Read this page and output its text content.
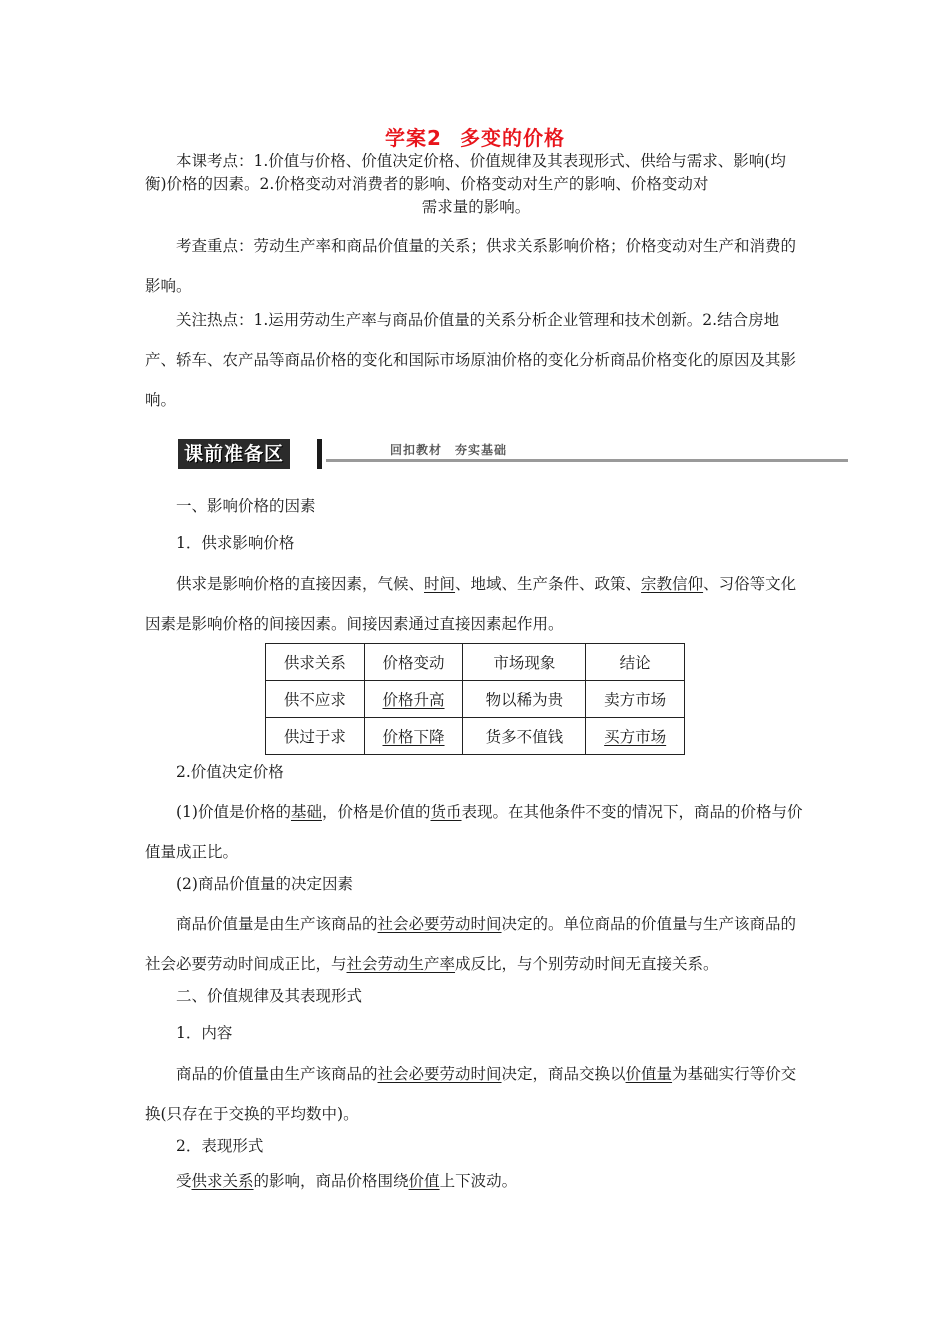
学案2 多变的价格
本课考点：1.价值与价格、价值决定价格、价值规律及其表现形式、供给与需求、影响(均衡)价格的因素。2.价格变动对消费者的影响、价格变动对生产的影响、价格变动对
需求量的影响。
考查重点：劳动生产率和商品价值量的关系；供求关系影响价格；价格变动对生产和消费的影响。
关注热点：1.运用劳动生产率与商品价值量的关系分析企业管理和技术创新。2.结合房地产、轿车、农产品等商品价格的变化和国际市场原油价格的变化分析商品价格变化的原因及其影响。
课前准备区	回扣教材　夯实基础
一、影响价格的因素
1．供求影响价格
供求是影响价格的直接因素，气候、时间、地域、生产条件、政策、宗教信仰、习俗等文化因素是影响价格的间接因素。间接因素通过直接因素起作用。
供求关系	价格变动	市场现象	结论
供不应求	价格升高	物以稀为贵	卖方市场
供过于求	价格下降	货多不值钱	买方市场
2.价值决定价格
(1)价值是价格的基础，价格是价值的货币表现。在其他条件不变的情况下，商品的价格与价值量成正比。
(2)商品价值量的决定因素
商品价值量是由生产该商品的社会必要劳动时间决定的。单位商品的价值量与生产该商品的社会必要劳动时间成正比，与社会劳动生产率成反比，与个别劳动时间无直接关系。
二、价值规律及其表现形式
1．内容
商品的价值量由生产该商品的社会必要劳动时间决定，商品交换以价值量为基础实行等价交换(只存在于交换的平均数中)。
2．表现形式
受供求关系的影响，商品价格围绕价值上下波动。
